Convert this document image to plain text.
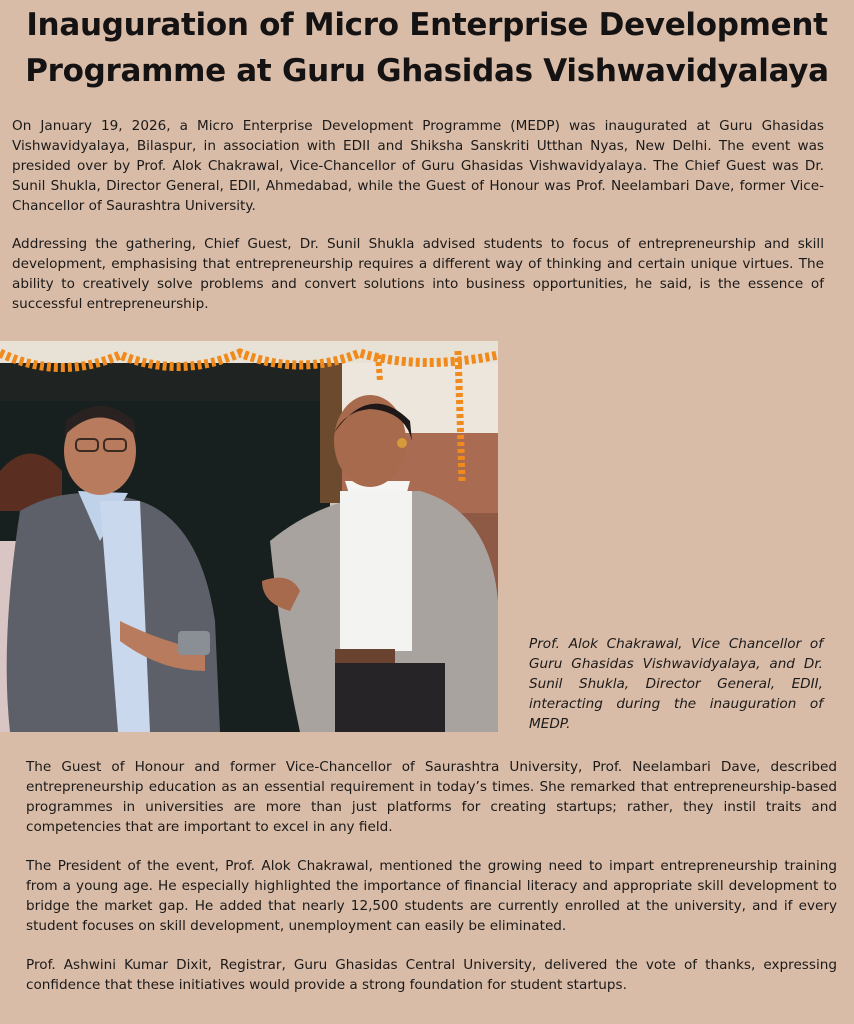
Inauguration of Micro Enterprise Development
Programme at Guru Ghasidas Vishwavidyalaya

On January 19, 2026, a Micro Enterprise Development Programme (MEDP) was inaugurated at Guru Ghasidas Vishwavidyalaya, Bilaspur, in association with EDII and Shiksha Sanskriti Utthan Nyas, New Delhi. The event was presided over by Prof. Alok Chakrawal, Vice-Chancellor of Guru Ghasidas Vishwavidyalaya. The Chief Guest was Dr. Sunil Shukla, Director General, EDII, Ahmedabad, while the Guest of Honour was Prof. Neelambari Dave, former Vice-Chancellor of Saurashtra University.

Addressing the gathering, Chief Guest, Dr. Sunil Shukla advised students to focus of entrepreneurship and skill development, emphasising that entrepreneurship requires a different way of thinking and certain unique virtues. The ability to creatively solve problems and convert solutions into business opportunities, he said, is the essence of successful entrepreneurship.

Prof. Alok Chakrawal, Vice Chancellor of Guru Ghasidas Vishwavidyalaya, and Dr. Sunil Shukla, Director General, EDII, interacting during the inauguration of MEDP.

The Guest of Honour and former Vice-Chancellor of Saurashtra University, Prof. Neelambari Dave, described entrepreneurship education as an essential requirement in today’s times. She remarked that entrepreneurship-based programmes in universities are more than just platforms for creating startups; rather, they instil traits and competencies that are important to excel in any field.

The President of the event, Prof. Alok Chakrawal, mentioned the growing need to impart entrepreneurship training from a young age. He especially highlighted the importance of financial literacy and appropriate skill development to bridge the market gap. He added that nearly 12,500 students are currently enrolled at the university, and if every student focuses on skill development, unemployment can easily be eliminated.

Prof. Ashwini Kumar Dixit, Registrar, Guru Ghasidas Central University, delivered the vote of thanks, expressing confidence that these initiatives would provide a strong foundation for student startups.
